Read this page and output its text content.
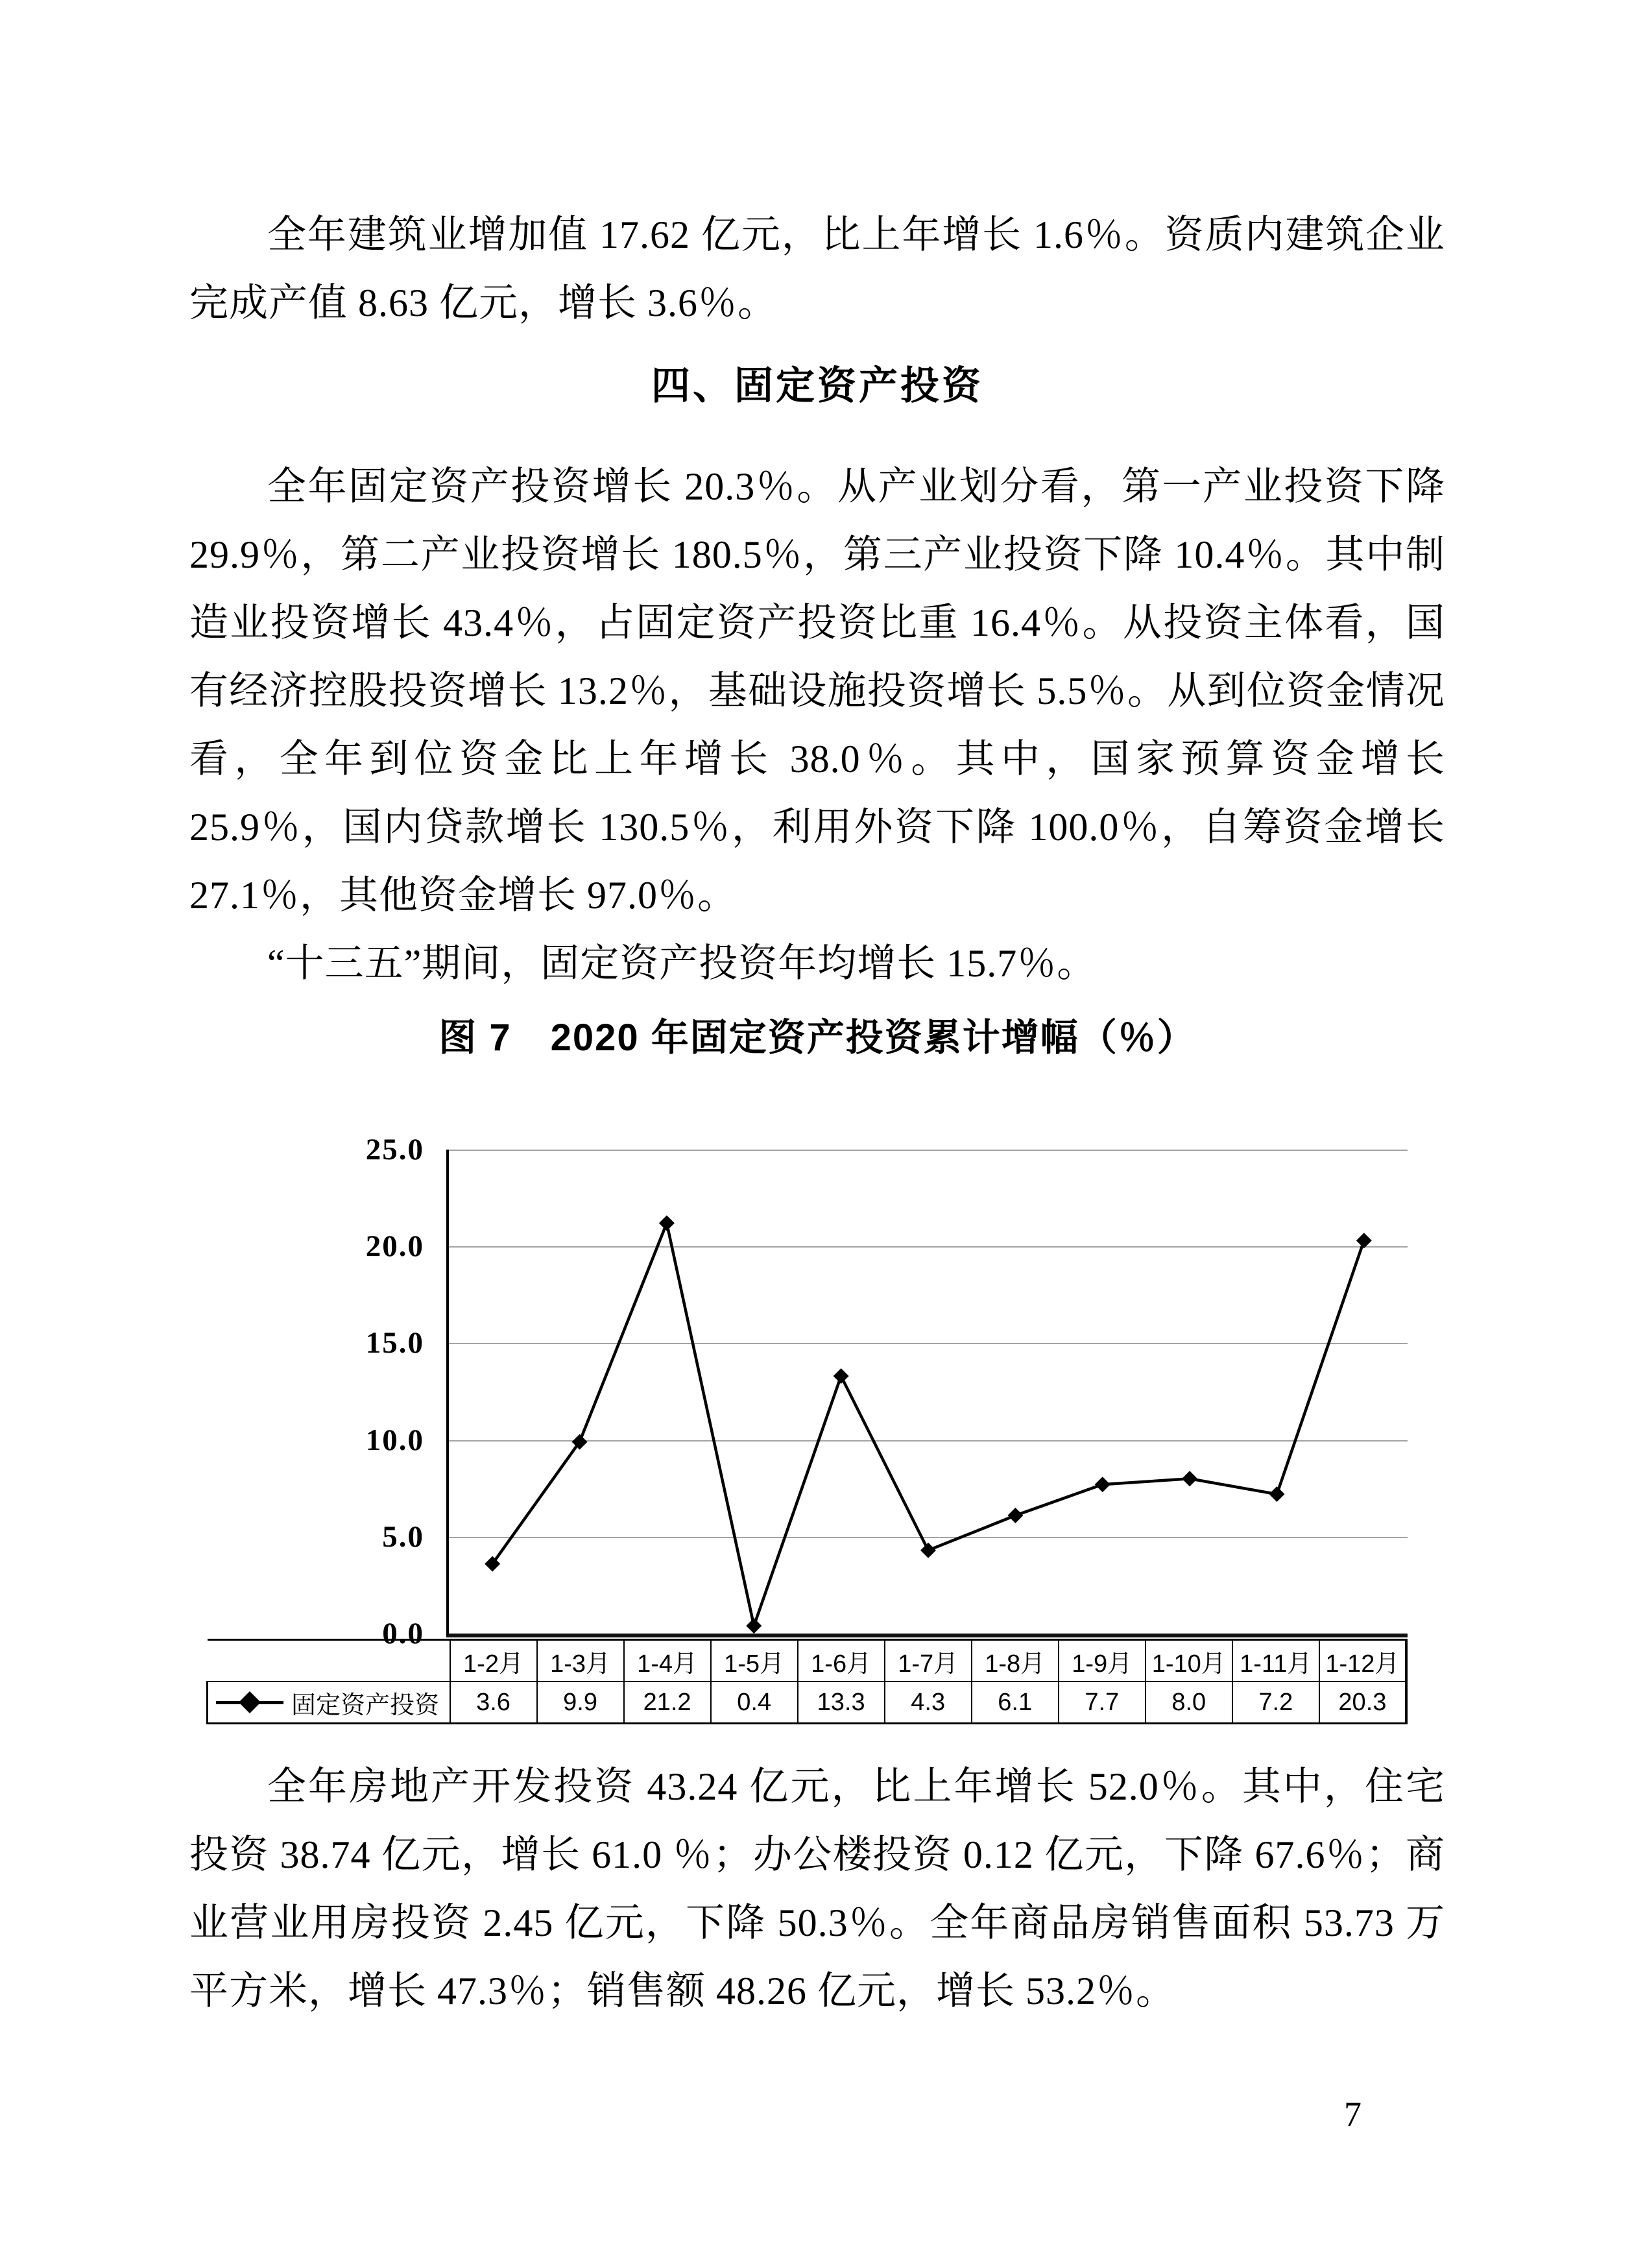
全年建筑业增加值 17.62 亿元，比上年增长 1.6％。资质内建筑企业完成产值 8.63 亿元，增长 3.6％。

四、固定资产投资

全年固定资产投资增长 20.3％。从产业划分看，第一产业投资下降 29.9％，第二产业投资增长 180.5％，第三产业投资下降 10.4％。其中制造业投资增长 43.4％，占固定资产投资比重 16.4％。从投资主体看，国有经济控股投资增长 13.2％，基础设施投资增长 5.5％。从到位资金情况看，全年到位资金比上年增长 38.0％。其中，国家预算资金增长 25.9％，国内贷款增长 130.5％，利用外资下降 100.0％，自筹资金增长 27.1％，其他资金增长 97.0％。

“十三五”期间，固定资产投资年均增长 15.7％。

图 7　2020 年固定资产投资累计增幅（％）
25.0
20.0
15.0
10.0
5.0
0.0
	1-2月	1-3月	1-4月	1-5月	1-6月	1-7月	1-8月	1-9月	1-10月	1-11月	1-12月

固定资产投资	3.6	9.9	21.2	0.4	13.3	4.3	6.1	7.7	8.0	7.2	20.3

全年房地产开发投资 43.24 亿元，比上年增长 52.0％。其中，住宅投资 38.74 亿元，增长 61.0 ％；办公楼投资 0.12 亿元，下降 67.6％；商业营业用房投资 2.45 亿元，下降 50.3％。全年商品房销售面积 53.73 万平方米，增长 47.3％；销售额 48.26 亿元，增长 53.2％。

7
